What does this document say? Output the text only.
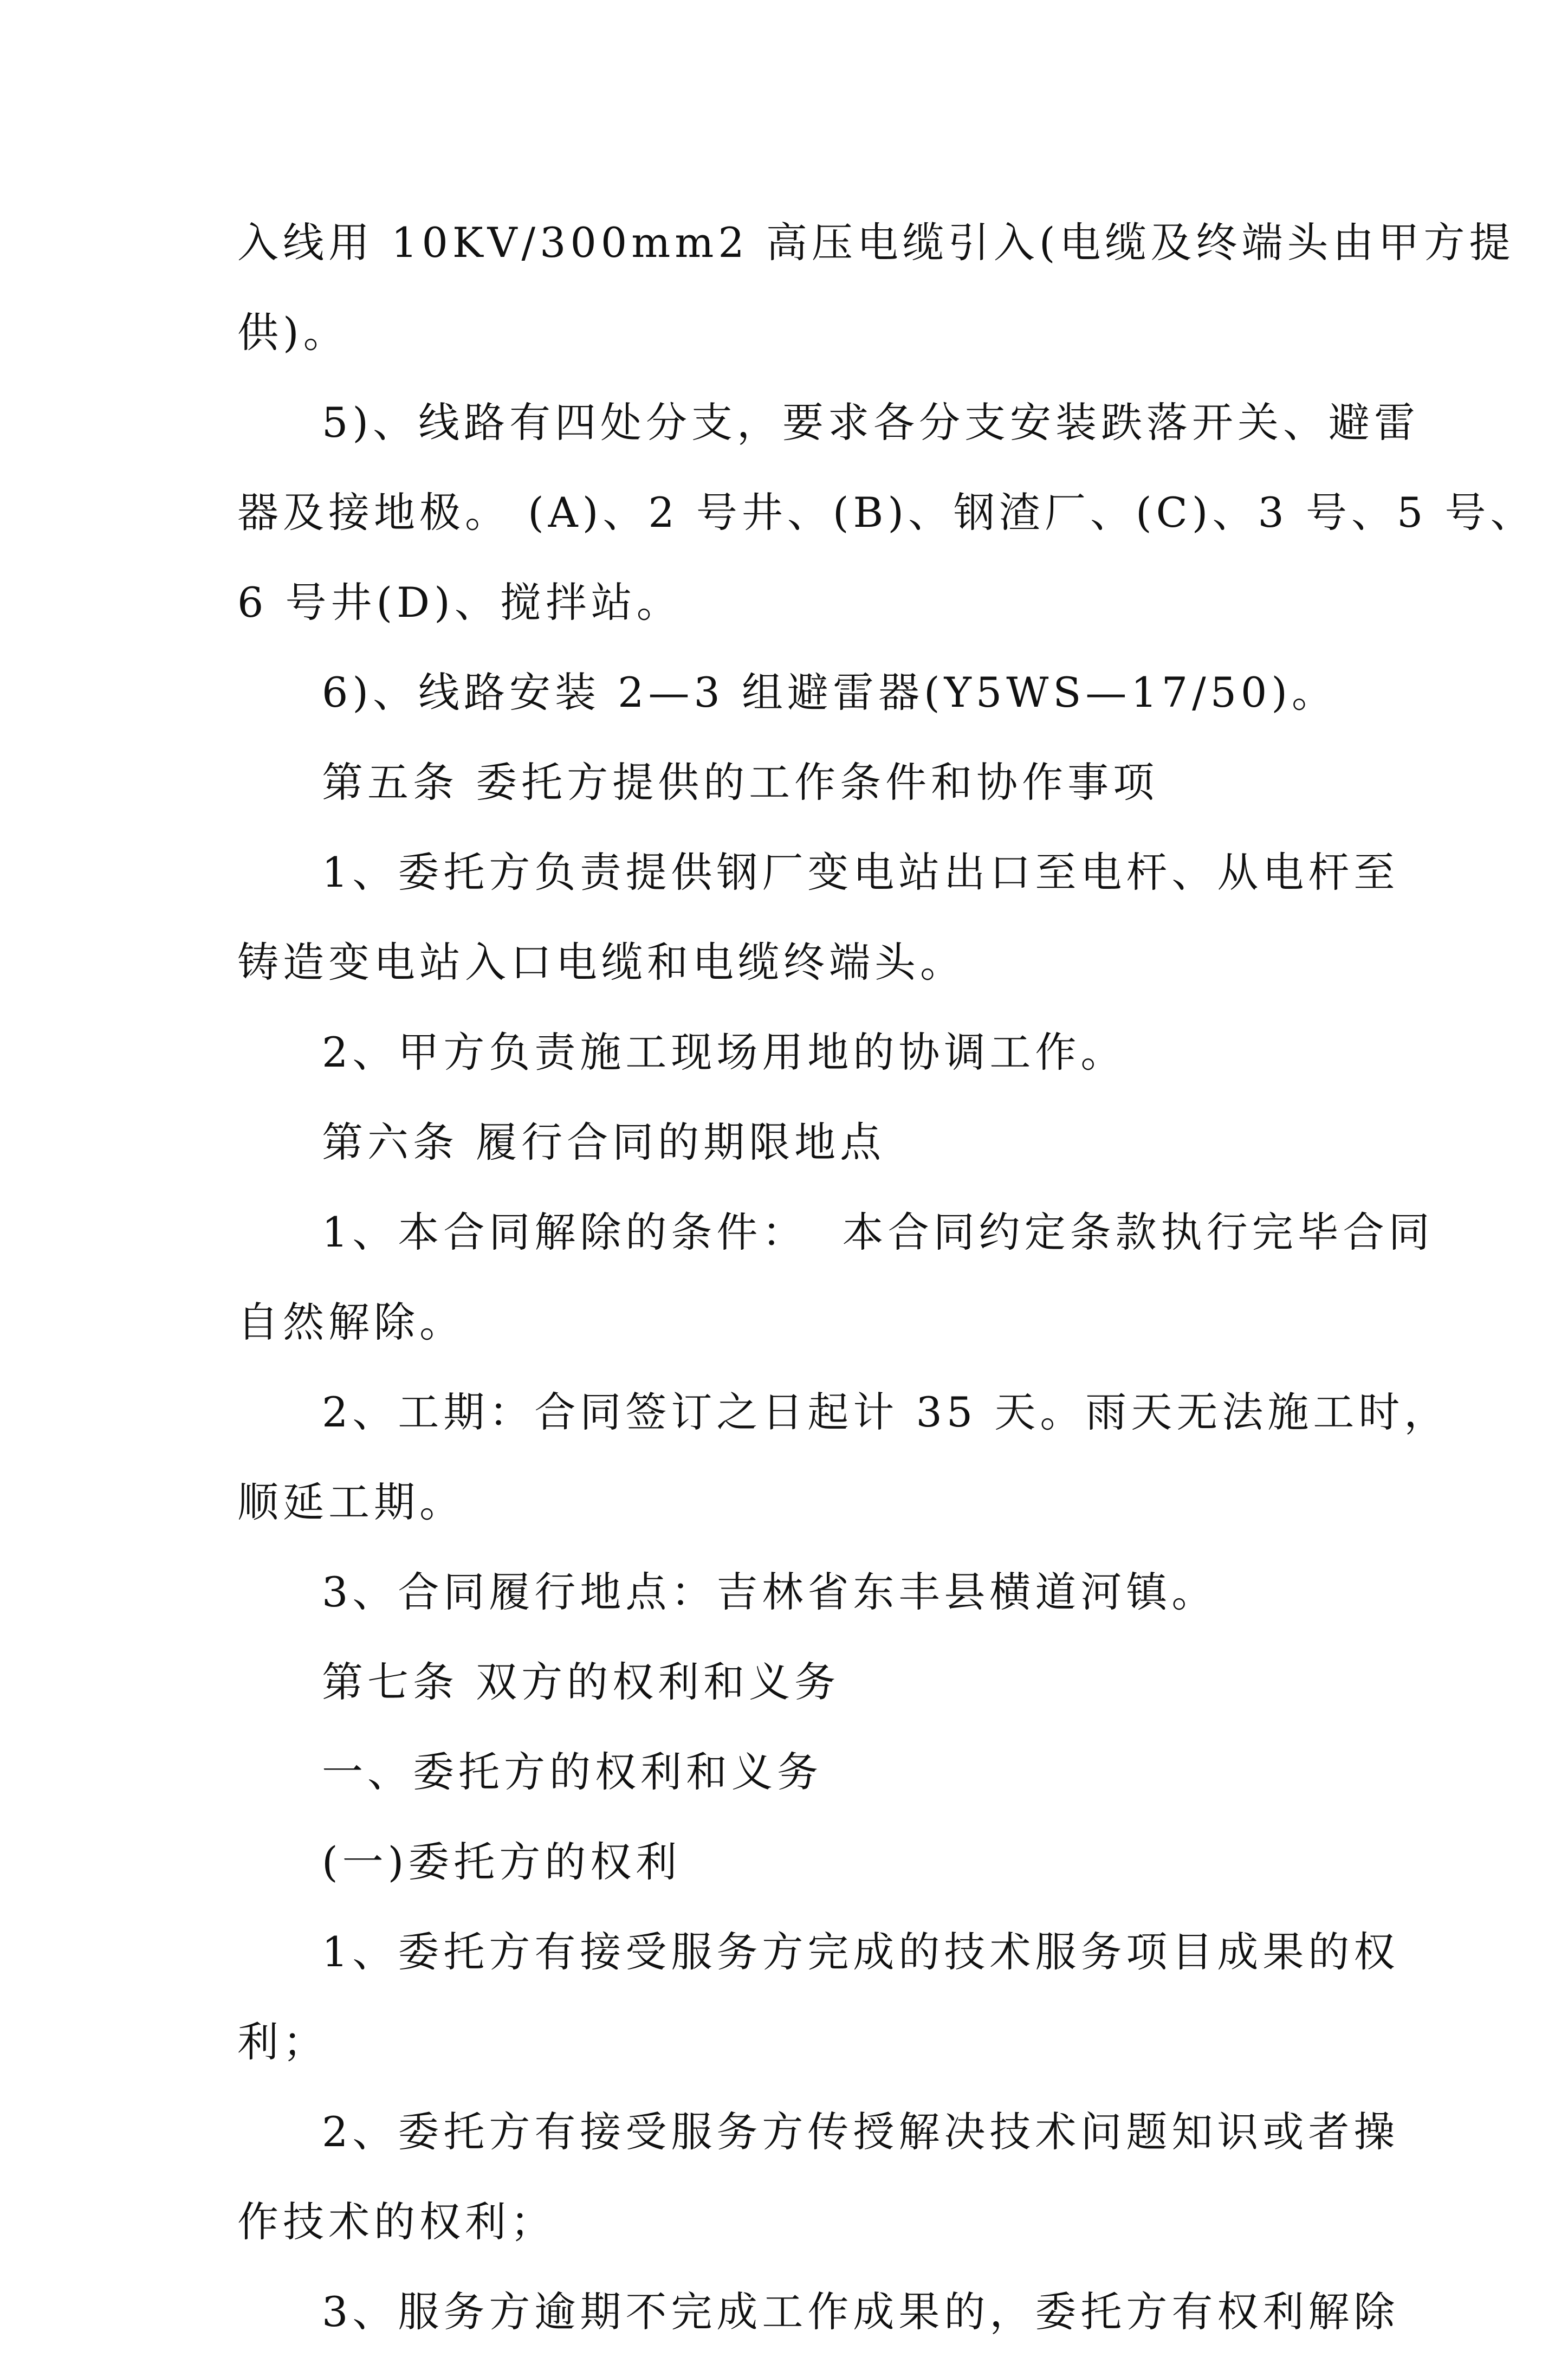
入线用 10KV/300mm2 高压电缆引入(电缆及终端头由甲方提
供)。
5)、线路有四处分支，要求各分支安装跌落开关、避雷
器及接地极。 (A)、2 号井、(B)、钢渣厂、(C)、3 号、5 号、
6 号井(D)、搅拌站。
6)、线路安装 2—3 组避雷器(Y5WS—17/50)。
第五条 委托方提供的工作条件和协作事项
1、委托方负责提供钢厂变电站出口至电杆、从电杆至
铸造变电站入口电缆和电缆终端头。
2、甲方负责施工现场用地的协调工作。
第六条 履行合同的期限地点
1、本合同解除的条件：  本合同约定条款执行完毕合同
自然解除。
2、工期：合同签订之日起计 35 天。雨天无法施工时，
顺延工期。
3、合同履行地点：吉林省东丰县横道河镇。
第七条 双方的权利和义务
一、委托方的权利和义务
(一)委托方的权利
1、委托方有接受服务方完成的技术服务项目成果的权
利；
2、委托方有接受服务方传授解决技术问题知识或者操
作技术的权利；
3、服务方逾期不完成工作成果的，委托方有权利解除
